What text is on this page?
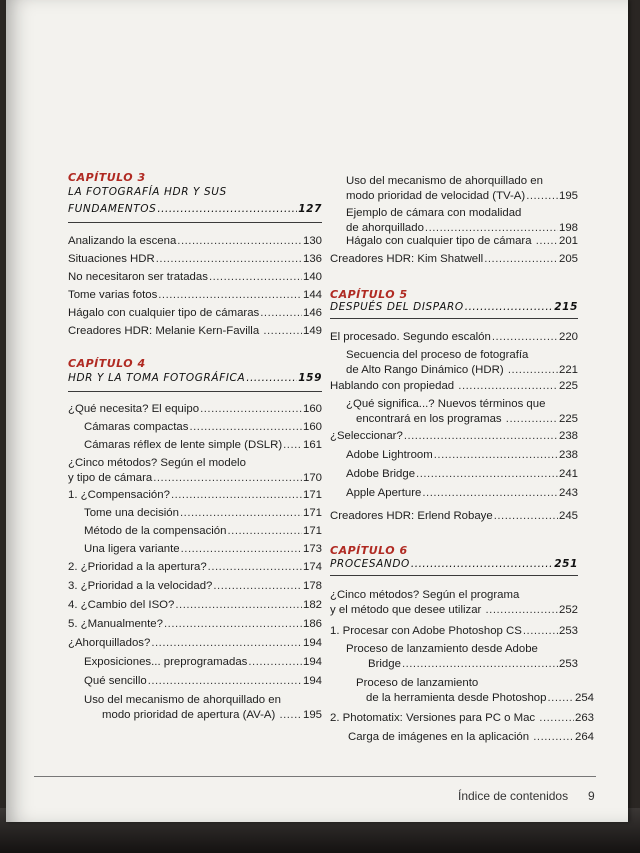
CAPÍTULO 3
LA FOTOGRAFÍA HDR Y SUS
FUNDAMENTOS .....	127
Analizando la escena .....	130
Situaciones HDR .....	136
No necesitaron ser tratadas .....	140
Tome varias fotos .....	144
Hágalo con cualquier tipo de cámaras .....	146
Creadores HDR: Melanie Kern-Favilla .....	149
CAPÍTULO 4
HDR Y LA TOMA FOTOGRÁFICA .....	159
¿Qué necesita? El equipo .....	160
Cámaras compactas .....	160
Cámaras réflex de lente simple (DSLR) ..... 161
¿Cinco métodos? Según el modelo
y tipo de cámara .....	170
1. ¿Compensación? .....	171
Tome una decisión .....	171
Método de la compensación .....	171
Una ligera variante .....	173
2. ¿Prioridad a la apertura? .....	174
3. ¿Prioridad a la velocidad? .....	178
4. ¿Cambio del ISO? .....	182
5. ¿Manualmente? .....	186
¿Ahorquillados? .....	194
Exposiciones... preprogramadas .....	194
Qué sencillo .....	194
Uso del mecanismo de ahorquillado en
modo prioridad de apertura (AV-A) ..... 195
Uso del mecanismo de ahorquillado en
modo prioridad de velocidad (TV-A) .....	195
Ejemplo de cámara con modalidad
de ahorquillado .....	198
Hágalo con cualquier tipo de cámara ..... 201
Creadores HDR: Kim Shatwell .....	205
CAPÍTULO 5
DESPUÉS DEL DISPARO .....	215
El procesado. Segundo escalón .....	220
Secuencia del proceso de fotografía
de Alto Rango Dinámico (HDR) .....	221
Hablando con propiedad .....	225
¿Qué significa...? Nuevos términos que
encontrará en los programas .....	225
¿Seleccionar? .....	238
Adobe Lightroom .....	238
Adobe Bridge .....	241
Apple Aperture .....	243
Creadores HDR: Erlend Robaye .....	245
CAPÍTULO 6
PROCESANDO .....	251
¿Cinco métodos? Según el programa
y el método que desee utilizar .....	252
1. Procesar con Adobe Photoshop CS .....	253
Proceso de lanzamiento desde Adobe
Bridge .....	253
Proceso de lanzamiento
de la herramienta desde Photoshop .....	254
2. Photomatix: Versiones para PC o Mac .....	263
Carga de imágenes en la aplicación .....	264
Índice de contenidos 9
